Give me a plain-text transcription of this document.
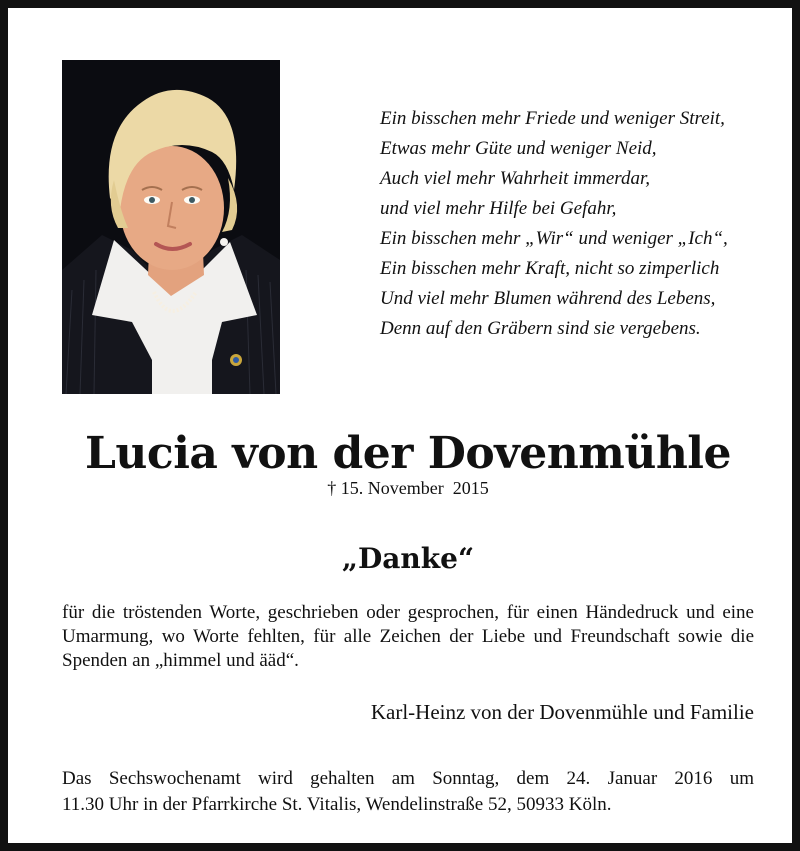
Ein bisschen mehr Friede und weniger Streit,
Etwas mehr Güte und weniger Neid,
Auch viel mehr Wahrheit immerdar,
und viel mehr Hilfe bei Gefahr,
Ein bisschen mehr „Wir“ und weniger „Ich“,
Ein bisschen mehr Kraft, nicht so zimperlich
Und viel mehr Blumen während des Lebens,
Denn auf den Gräbern sind sie vergebens.
Lucia von der Dovenmühle
† 15. November  2015
„Danke“
für die tröstenden Worte, geschrieben oder gesprochen, für einen Händedruck und eine Umarmung, wo Worte fehlten, für alle Zeichen der Liebe und Freundschaft sowie die Spenden an „himmel und ääd“.
Karl-Heinz von der Dovenmühle und Familie
Das Sechswochenamt wird gehalten am Sonntag, dem 24. Januar 2016 um
11.30 Uhr in der Pfarrkirche St. Vitalis, Wendelinstraße 52, 50933 Köln.
